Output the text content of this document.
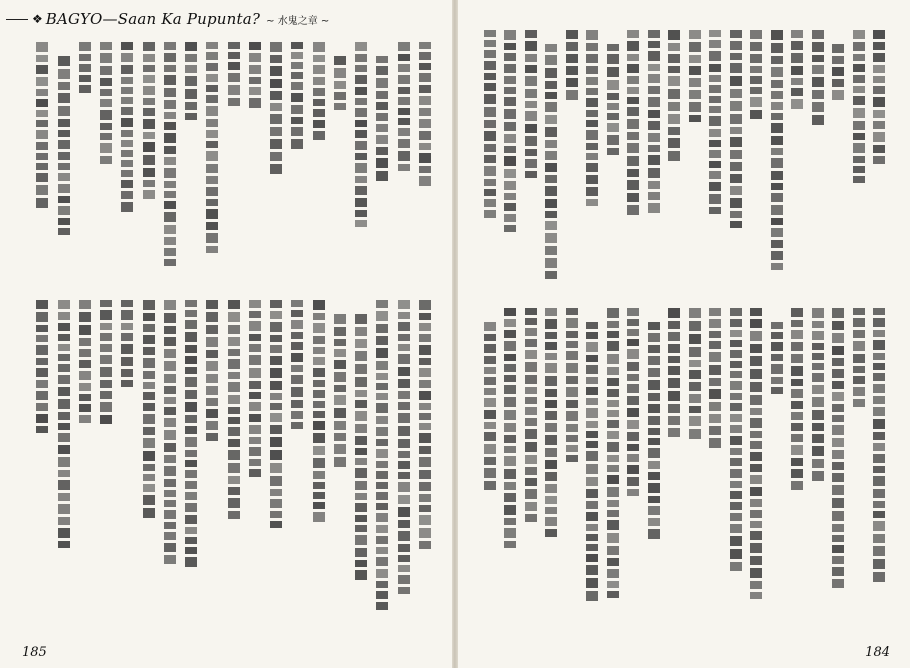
❖ BAGYO—Saan Ka Pupunta? ~ 水鬼之章 ~
185	184
